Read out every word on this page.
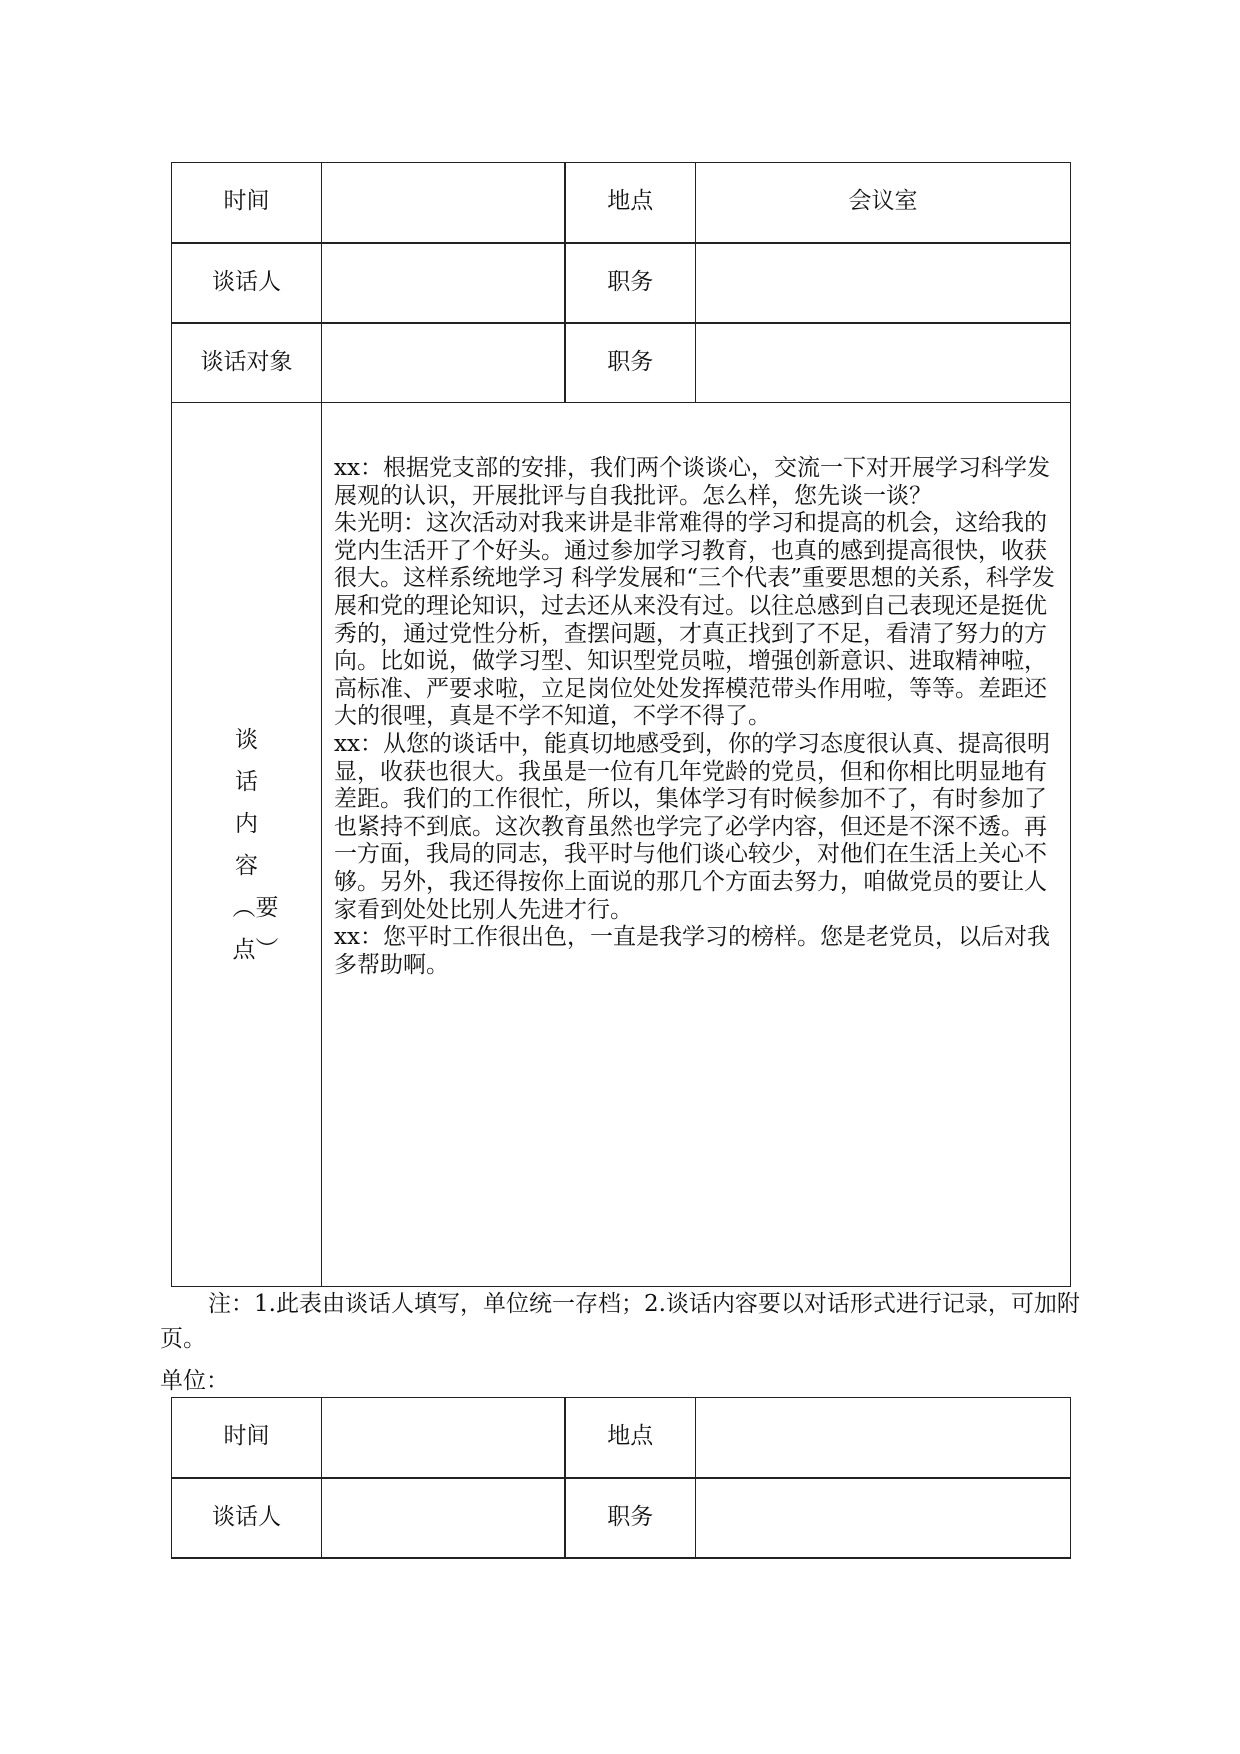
时间		地点	会议室
谈话人		职务	
谈话对象		职务	
谈话内容︵要点︶	xx：根据党支部的安排，我们两个谈谈心，交流一下对开展学习科学发展观的认识，开展批评与自我批评。怎么样，您先谈一谈？

朱光明：这次活动对我来讲是非常难得的学习和提高的机会，这给我的党内生活开了个好头。通过参加学习教育，也真的感到提高很快，收获很大。这样系统地学习 科学发展和“三个代表”重要思想的关系，科学发展和党的理论知识，过去还从来没有过。以往总感到自己表现还是挺优秀的，通过党性分析，查摆问题，才真正找到了不足，看清了努力的方向。比如说，做学习型、知识型党员啦，增强创新意识、进取精神啦，高标准、严要求啦，立足岗位处处发挥模范带头作用啦，等等。差距还大的很哩，真是不学不知道，不学不得了。

xx：从您的谈话中，能真切地感受到，你的学习态度很认真、提高很明显，收获也很大。我虽是一位有几年党龄的党员，但和你相比明显地有差距。我们的工作很忙，所以，集体学习有时候参加不了，有时参加了也紧持不到底。这次教育虽然也学完了必学内容，但还是不深不透。再一方面，我局的同志，我平时与他们谈心较少，对他们在生活上关心不够。另外，我还得按你上面说的那几个方面去努力，咱做党员的要让人家看到处处比别人先进才行。

xx：您平时工作很出色，一直是我学习的榜样。您是老党员，以后对我多帮助啊。		

注：1.此表由谈话人填写，单位统一存档；2.谈话内容要以对话形式进行记录，可加附页。
单位：
时间		地点	
谈话人		职务	
